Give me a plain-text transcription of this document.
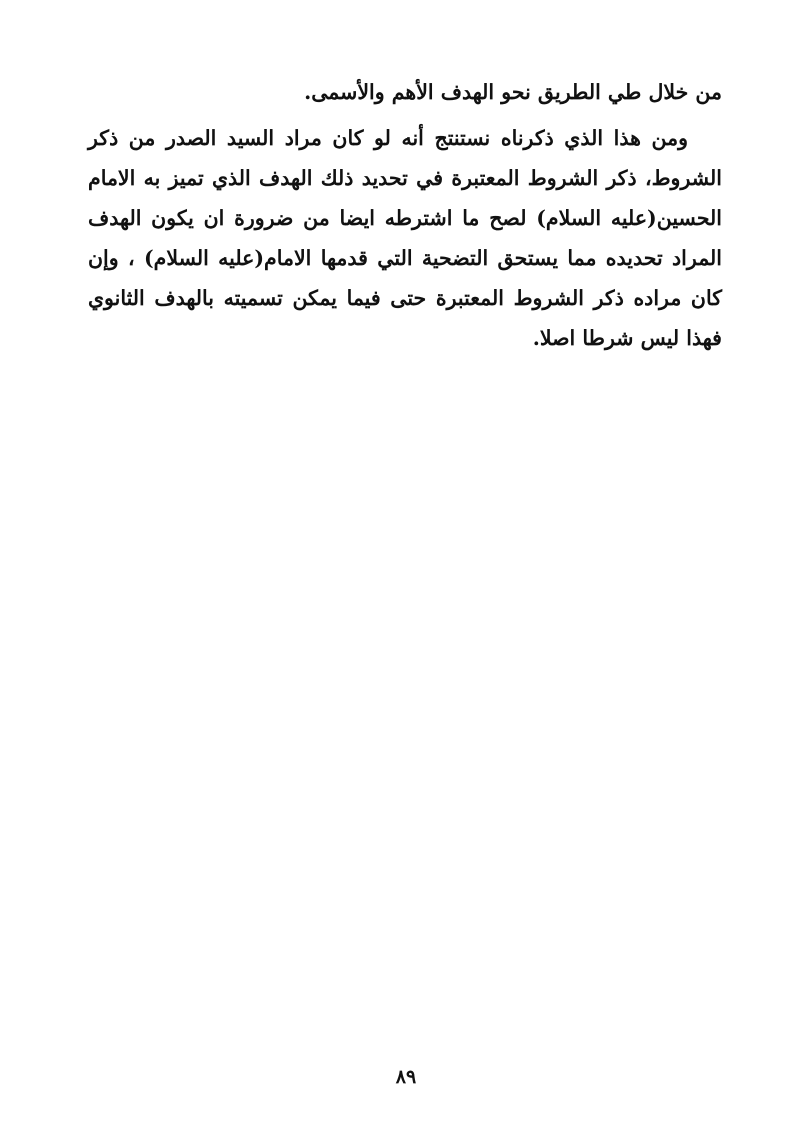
من خلال طي الطريق نحو الهدف الأهم والأسمى.

ومن هذا الذي ذكرناه نستنتج أنه لو كان مراد السيد الصدر من ذكر الشروط، ذكر الشروط المعتبرة في تحديد ذلك الهدف الذي تميز به الامام الحسين(عليه السلام) لصح ما اشترطه ايضا من ضرورة ان يكون الهدف المراد تحديده مما يستحق التضحية التي قدمها الامام(عليه السلام) ، وإن كان مراده ذكر الشروط المعتبرة حتى فيما يمكن تسميته بالهدف الثانوي فهذا ليس شرطا اصلا.

٨٩
